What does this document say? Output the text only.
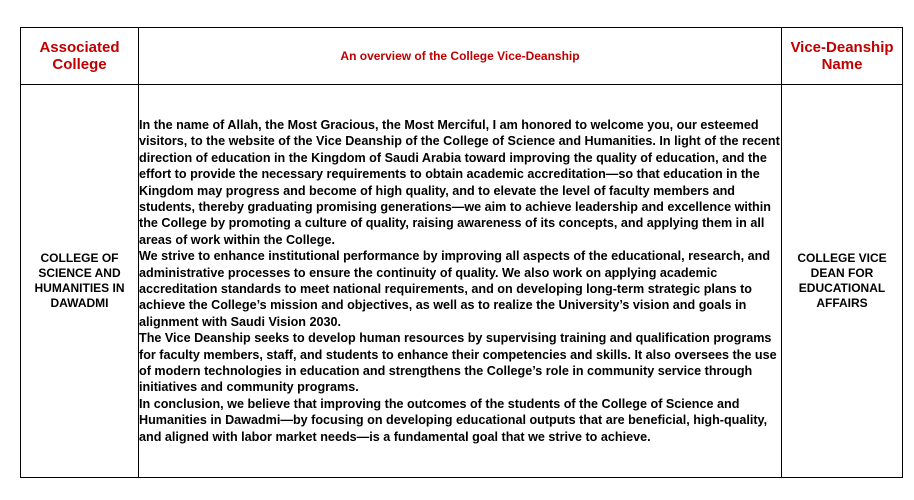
Associated College	An overview of the College Vice-Deanship	Vice-Deanship Name
COLLEGE OF SCIENCE AND HUMANITIES IN DAWADMI	In the name of Allah, the Most Gracious, the Most Merciful, I am honored to welcome you, our esteemed visitors, to the website of the Vice Deanship of the College of Science and Humanities. In light of the recent direction of education in the Kingdom of Saudi Arabia toward improving the quality of education, and the effort to provide the necessary requirements to obtain academic accreditation—so that education in the Kingdom may progress and become of high quality, and to elevate the level of faculty members and students, thereby graduating promising generations—we aim to achieve leadership and excellence within the College by promoting a culture of quality, raising awareness of its concepts, and applying them in all areas of work within the College.

We strive to enhance institutional performance by improving all aspects of the educational, research, and administrative processes to ensure the continuity of quality. We also work on applying academic accreditation standards to meet national requirements, and on developing long-term strategic plans to achieve the College’s mission and objectives, as well as to realize the University’s vision and goals in alignment with Saudi Vision 2030.

The Vice Deanship seeks to develop human resources by supervising training and qualification programs for faculty members, staff, and students to enhance their competencies and skills. It also oversees the use of modern technologies in education and strengthens the College’s role in community service through initiatives and community programs.

In conclusion, we believe that improving the outcomes of the students of the College of Science and Humanities in Dawadmi—by focusing on developing educational outputs that are beneficial, high-quality, and aligned with labor market needs—is a fundamental goal that we strive to achieve.	COLLEGE VICE DEAN FOR EDUCATIONAL AFFAIRS
